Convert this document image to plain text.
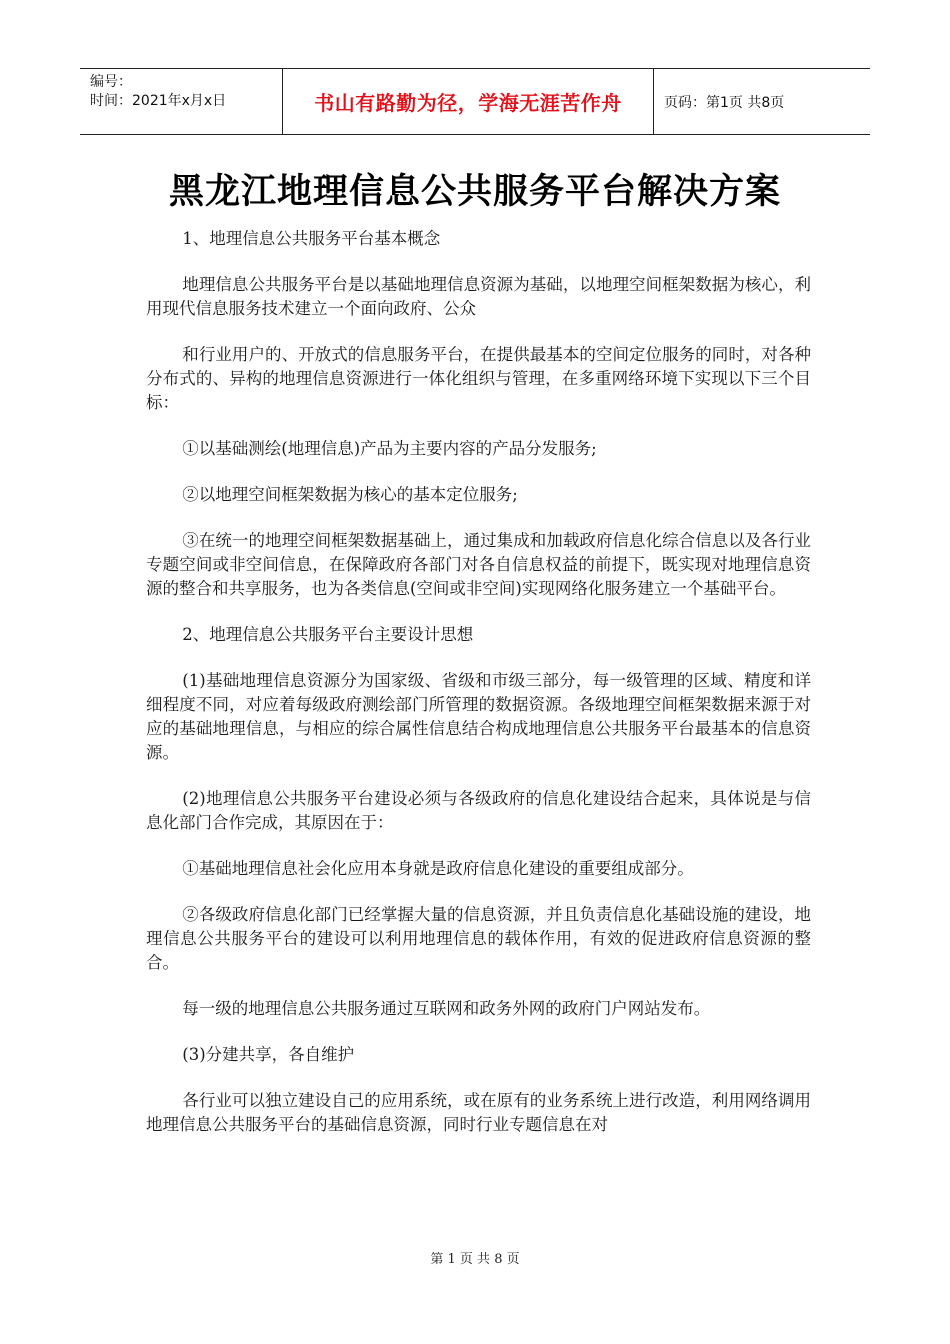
编号：
时间：2021年x月x日	书山有路勤为径，学海无涯苦作舟	页码：第1页 共8页
黑龙江地理信息公共服务平台解决方案

1、地理信息公共服务平台基本概念

地理信息公共服务平台是以基础地理信息资源为基础，以地理空间框架数据为核心，利用现代信息服务技术建立一个面向政府、公众

和行业用户的、开放式的信息服务平台，在提供最基本的空间定位服务的同时，对各种分布式的、异构的地理信息资源进行一体化组织与管理，在多重网络环境下实现以下三个目标：

①以基础测绘(地理信息)产品为主要内容的产品分发服务;

②以地理空间框架数据为核心的基本定位服务;

③在统一的地理空间框架数据基础上，通过集成和加载政府信息化综合信息以及各行业专题空间或非空间信息，在保障政府各部门对各自信息权益的前提下，既实现对地理信息资源的整合和共享服务，也为各类信息(空间或非空间)实现网络化服务建立一个基础平台。

2、地理信息公共服务平台主要设计思想

(1)基础地理信息资源分为国家级、省级和市级三部分，每一级管理的区域、精度和详细程度不同，对应着每级政府测绘部门所管理的数据资源。各级地理空间框架数据来源于对应的基础地理信息，与相应的综合属性信息结合构成地理信息公共服务平台最基本的信息资源。

(2)地理信息公共服务平台建设必须与各级政府的信息化建设结合起来，具体说是与信息化部门合作完成，其原因在于：

①基础地理信息社会化应用本身就是政府信息化建设的重要组成部分。

②各级政府信息化部门已经掌握大量的信息资源，并且负责信息化基础设施的建设，地理信息公共服务平台的建设可以利用地理信息的载体作用，有效的促进政府信息资源的整合。

每一级的地理信息公共服务通过互联网和政务外网的政府门户网站发布。

(3)分建共享，各自维护

各行业可以独立建设自己的应用系统，或在原有的业务系统上进行改造，利用网络调用地理信息公共服务平台的基础信息资源，同时行业专题信息在对

第 1 页 共 8 页
